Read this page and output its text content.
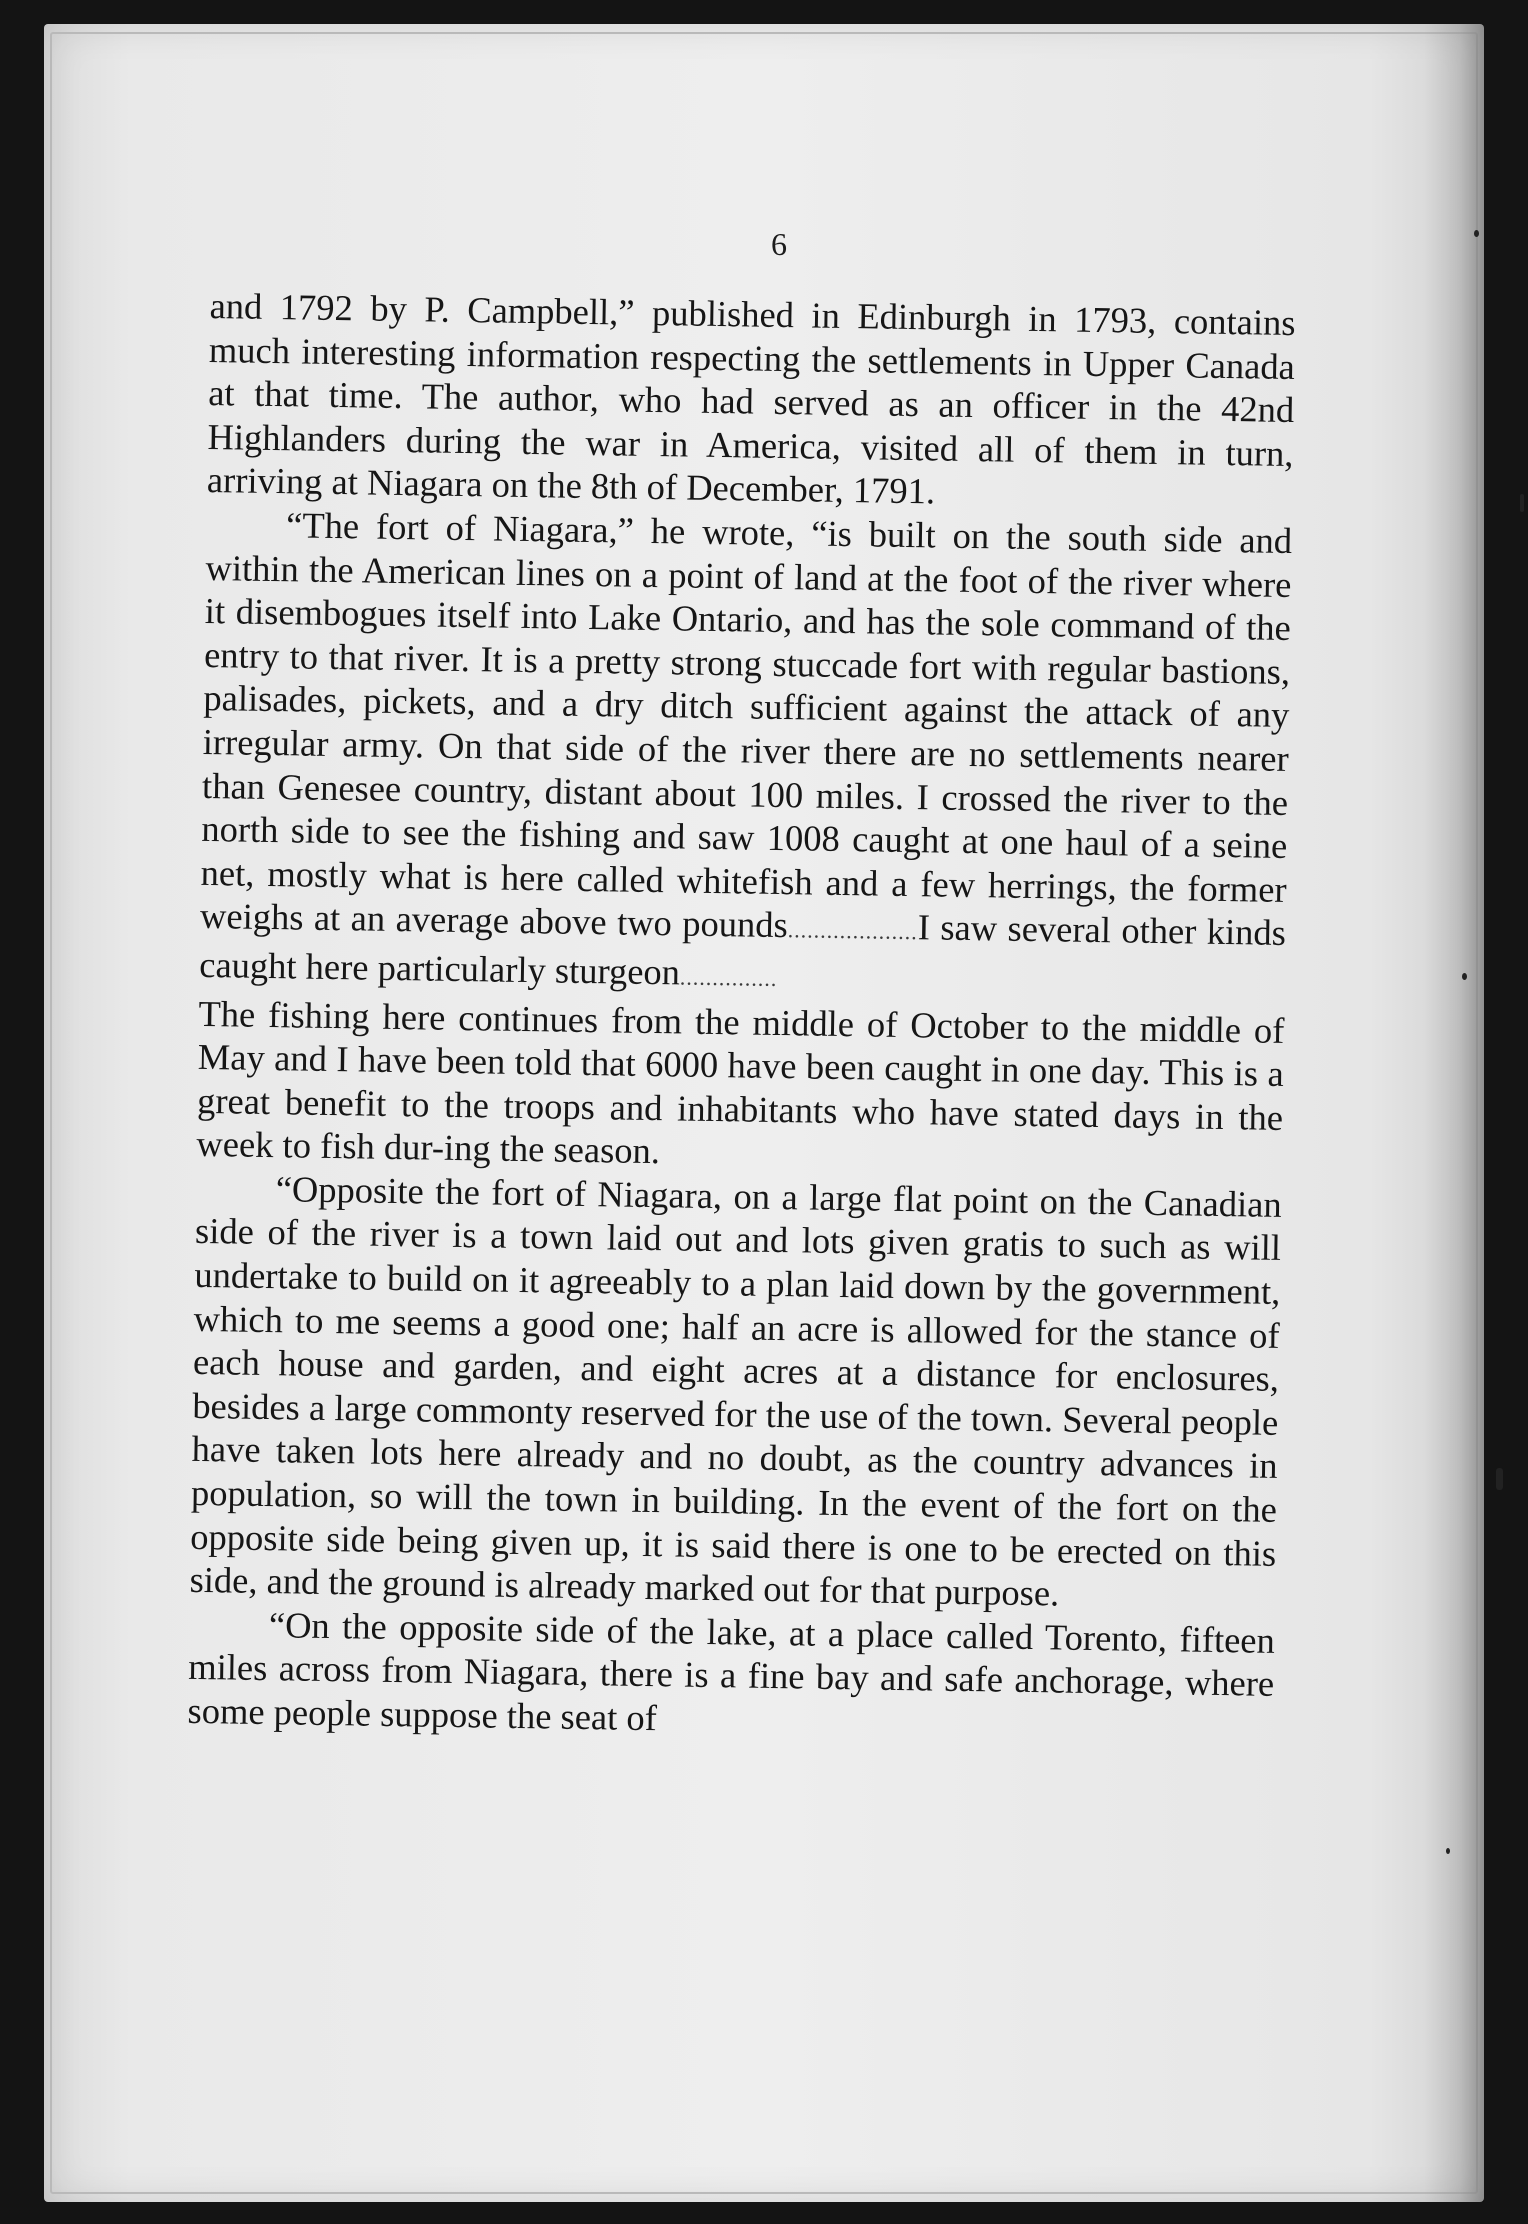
6

and 1792 by P. Campbell,” published in Edinburgh in 1793, contains much interesting information respecting the settlements in Upper Canada at that time. The author, who had served as an officer in the 42nd Highlanders during the war in America, visited all of them in turn, arriving at Niagara on the 8th of December, 1791.

“The fort of Niagara,” he wrote, “is built on the south side and within the American lines on a point of land at the foot of the river where it disembogues itself into Lake Ontario, and has the sole command of the entry to that river. It is a pretty strong stuccade fort with regular bastions, palisades, pickets, and a dry ditch sufficient against the attack of any irregular army. On that side of the river there are no settlements nearer than Genesee country, distant about 100 miles. I crossed the river to the north side to see the fishing and saw 1008 caught at one haul of a seine net, mostly what is here called whitefish and a few herrings, the former weighs at an average above two pounds....................I saw several other kinds caught here particularly sturgeon...............

The fishing here continues from the middle of October to the middle of May and I have been told that 6000 have been caught in one day. This is a great benefit to the troops and inhabitants who have stated days in the week to fish dur-ing the season.

“Opposite the fort of Niagara, on a large flat point on the Canadian side of the river is a town laid out and lots given gratis to such as will undertake to build on it agreeably to a plan laid down by the government, which to me seems a good one; half an acre is allowed for the stance of each house and garden, and eight acres at a distance for enclosures, besides a large commonty reserved for the use of the town. Several people have taken lots here already and no doubt, as the country advances in population, so will the town in building. In the event of the fort on the opposite side being given up, it is said there is one to be erected on this side, and the ground is already marked out for that purpose.

“On the opposite side of the lake, at a place called Torento, fifteen miles across from Niagara, there is a fine bay and safe anchorage, where some people suppose the seat of
